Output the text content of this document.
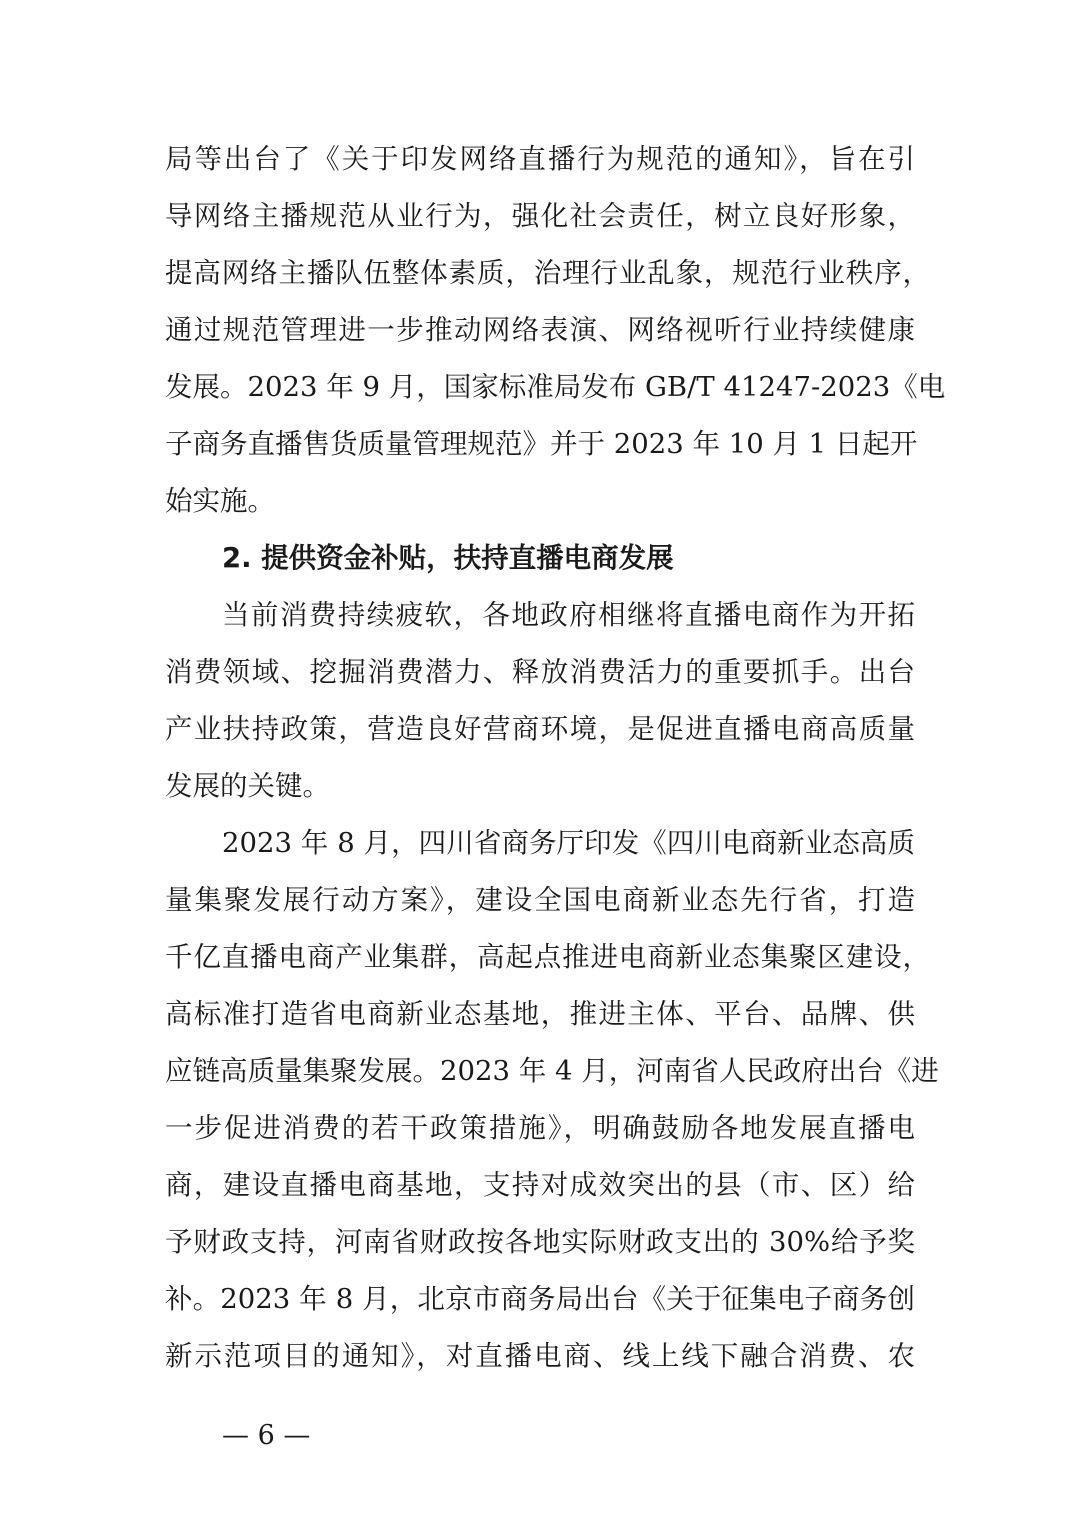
局等出台了《关于印发网络直播行为规范的通知》，旨在引
导网络主播规范从业行为，强化社会责任，树立良好形象，
提高网络主播队伍整体素质，治理行业乱象，规范行业秩序，
通过规范管理进一步推动网络表演、网络视听行业持续健康
发展。2023 年 9 月，国家标准局发布 GB/T 41247-2023《电
子商务直播售货质量管理规范》并于 2023 年 10 月 1 日起开
始实施。
2. 提供资金补贴，扶持直播电商发展
当前消费持续疲软，各地政府相继将直播电商作为开拓
消费领域、挖掘消费潜力、释放消费活力的重要抓手。出台
产业扶持政策，营造良好营商环境，是促进直播电商高质量
发展的关键。
2023 年 8 月，四川省商务厅印发《四川电商新业态高质
量集聚发展行动方案》，建设全国电商新业态先行省，打造
千亿直播电商产业集群，高起点推进电商新业态集聚区建设，
高标准打造省电商新业态基地，推进主体、平台、品牌、供
应链高质量集聚发展。2023 年 4 月，河南省人民政府出台《进
一步促进消费的若干政策措施》，明确鼓励各地发展直播电
商，建设直播电商基地，支持对成效突出的县（市、区）给
予财政支持，河南省财政按各地实际财政支出的 30%给予奖
补。2023 年 8 月，北京市商务局出台《关于征集电子商务创
新示范项目的通知》，对直播电商、线上线下融合消费、农
— 6 —
